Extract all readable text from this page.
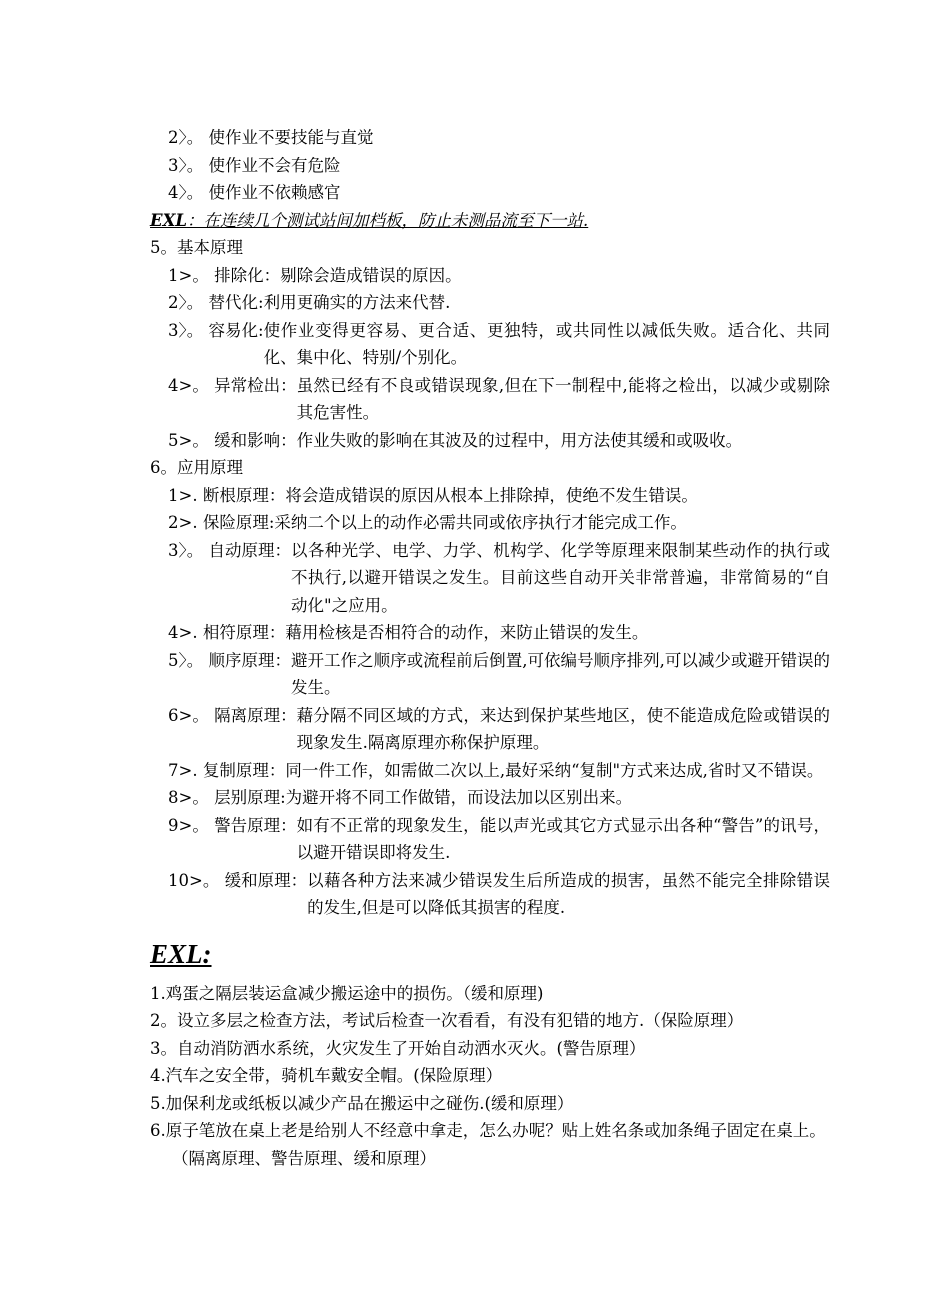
2〉。 使作业不要技能与直觉
3〉。 使作业不会有危险
4〉。 使作业不依赖感官
EXL：在连续几个测试站间加档板，防止未测品流至下一站.
5。基本原理
1>。 排除化： 剔除会造成错误的原因。
2〉。 替代化: 利用更确实的方法来代替.
3〉。 容易化: 使作业变得更容易、更合适、更独特，或共同性以减低失败。适合化、共同化、集中化、特别/个别化。
4>。 异常检出： 虽然已经有不良或错误现象,但在下一制程中,能将之检出，以减少或剔除其危害性。
5>。 缓和影响： 作业失败的影响在其波及的过程中，用方法使其缓和或吸收。
6。应用原理
1>. 断根原理： 将会造成错误的原因从根本上排除掉，使绝不发生错误。
2>. 保险原理: 采纳二个以上的动作必需共同或依序执行才能完成工作。
3〉。 自动原理： 以各种光学、电学、力学、机构学、化学等原理来限制某些动作的执行或不执行,以避开错误之发生。目前这些自动开关非常普遍，非常简易的“自动化"之应用。
4>. 相符原理： 藉用检核是否相符合的动作，来防止错误的发生。
5〉。 顺序原理： 避开工作之顺序或流程前后倒置,可依编号顺序排列,可以减少或避开错误的发生。
6>。 隔离原理： 藉分隔不同区域的方式，来达到保护某些地区，使不能造成危险或错误的现象发生.隔离原理亦称保护原理。
7>. 复制原理： 同一件工作，如需做二次以上,最好采纳“复制"方式来达成,省时又不错误。
8>。 层别原理: 为避开将不同工作做错，而设法加以区别出来。
9>。 警告原理： 如有不正常的现象发生，能以声光或其它方式显示出各种“警告”的讯号，以避开错误即将发生.
10>。 缓和原理： 以藉各种方法来减少错误发生后所造成的损害，虽然不能完全排除错误的发生,但是可以降低其损害的程度.
EXL:
1.鸡蛋之隔层装运盒减少搬运途中的损伤。（缓和原理)
2。设立多层之检查方法，考试后检查一次看看，有没有犯错的地方.（保险原理）
3。自动消防洒水系统，火灾发生了开始自动洒水灭火。(警告原理）
4.汽车之安全带，骑机车戴安全帽。(保险原理）
5.加保利龙或纸板以减少产品在搬运中之碰伤.(缓和原理）
6.原子笔放在桌上老是给别人不经意中拿走，怎么办呢？贴上姓名条或加条绳子固定在桌上。（隔离原理、警告原理、缓和原理）
